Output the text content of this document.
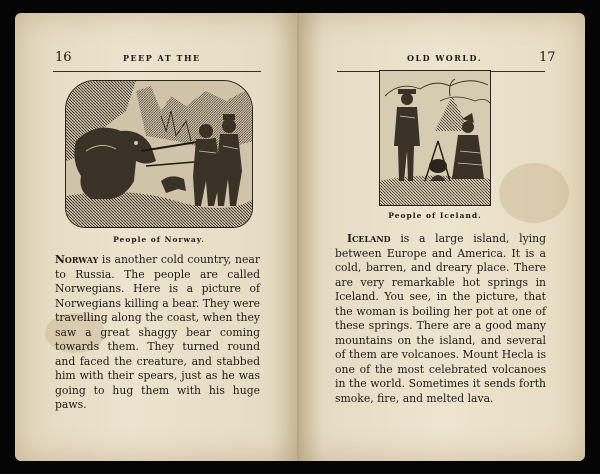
16	PEEP AT THE
People of Norway.
Norway is another cold country, near to Russia. The people are called Norwegians. Here is a picture of Norwegians killing a bear. They were travelling along the coast, when they saw a great shaggy bear coming towards them. They turned round and faced the creature, and stabbed him with their spears, just as he was going to hug them with his huge paws.
OLD WORLD.	17
People of Iceland.
Iceland is a large island, lying between Europe and America. It is a cold, barren, and dreary place. There are very remarkable hot springs in Iceland. You see, in the picture, that the woman is boiling her pot at one of these springs. There are a good many mountains on the island, and several of them are volcanoes. Mount Hecla is one of the most celebrated volcanoes in the world. Sometimes it sends forth smoke, fire, and melted lava.
